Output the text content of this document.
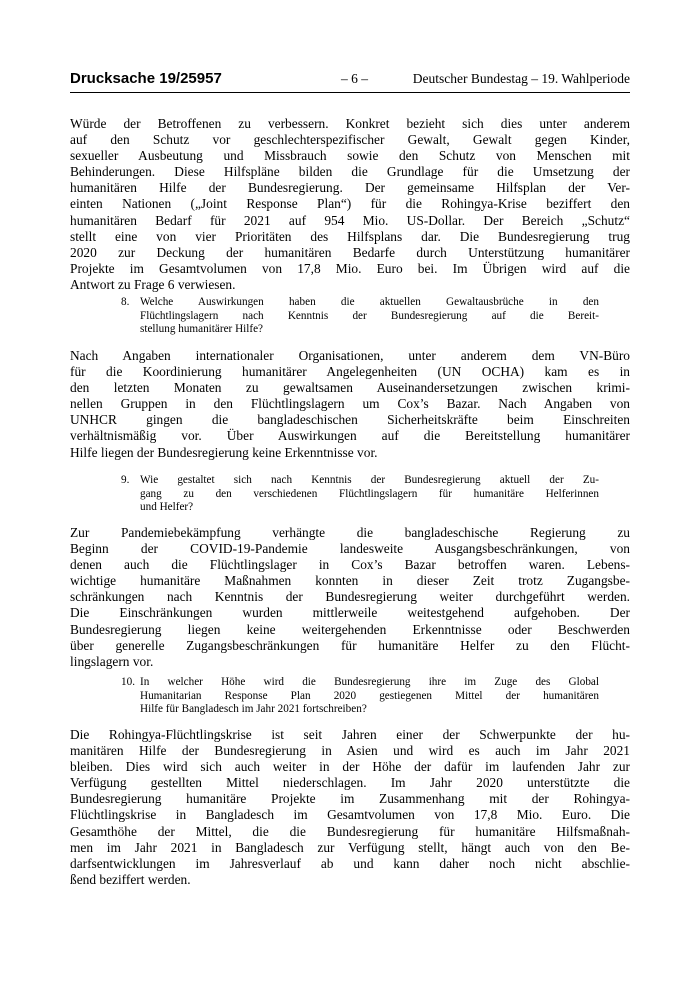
Drucksache 19/25957	– 6 –	Deutscher Bundestag – 19. Wahlperiode
Würde der Betroffenen zu verbessern. Konkret bezieht sich dies unter anderem
auf den Schutz vor geschlechterspezifischer Gewalt, Gewalt gegen Kinder,
sexueller Ausbeutung und Missbrauch sowie den Schutz von Menschen mit
Behinderungen. Diese Hilfspläne bilden die Grundlage für die Umsetzung der
humanitären Hilfe der Bundesregierung. Der gemeinsame Hilfsplan der Ver-
einten Nationen („Joint Response Plan“) für die Rohingya-Krise beziffert den
humanitären Bedarf für 2021 auf 954 Mio. US-Dollar. Der Bereich „Schutz“
stellt eine von vier Prioritäten des Hilfsplans dar. Die Bundesregierung trug
2020 zur Deckung der humanitären Bedarfe durch Unterstützung humanitärer
Projekte im Gesamtvolumen von 17,8 Mio. Euro bei. Im Übrigen wird auf die
Antwort zu Frage 6 verwiesen.
8. Welche Auswirkungen haben die aktuellen Gewaltausbrüche in den
Flüchtlingslagern nach Kenntnis der Bundesregierung auf die Bereit-
stellung humanitärer Hilfe?
Nach Angaben internationaler Organisationen, unter anderem dem VN-Büro
für die Koordinierung humanitärer Angelegenheiten (UN OCHA) kam es in
den letzten Monaten zu gewaltsamen Auseinandersetzungen zwischen krimi-
nellen Gruppen in den Flüchtlingslagern um Cox’s Bazar. Nach Angaben von
UNHCR gingen die bangladeschischen Sicherheitskräfte beim Einschreiten
verhältnismäßig vor. Über Auswirkungen auf die Bereitstellung humanitärer
Hilfe liegen der Bundesregierung keine Erkenntnisse vor.
9. Wie gestaltet sich nach Kenntnis der Bundesregierung aktuell der Zu-
gang zu den verschiedenen Flüchtlingslagern für humanitäre Helferinnen
und Helfer?
Zur Pandemiebekämpfung verhängte die bangladeschische Regierung zu
Beginn der COVID-19-Pandemie landesweite Ausgangsbeschränkungen, von
denen auch die Flüchtlingslager in Cox’s Bazar betroffen waren. Lebens-
wichtige humanitäre Maßnahmen konnten in dieser Zeit trotz Zugangsbe-
schränkungen nach Kenntnis der Bundesregierung weiter durchgeführt werden.
Die Einschränkungen wurden mittlerweile weitestgehend aufgehoben. Der
Bundesregierung liegen keine weitergehenden Erkenntnisse oder Beschwerden
über generelle Zugangsbeschränkungen für humanitäre Helfer zu den Flücht-
lingslagern vor.
10. In welcher Höhe wird die Bundesregierung ihre im Zuge des Global
Humanitarian Response Plan 2020 gestiegenen Mittel der humanitären
Hilfe für Bangladesch im Jahr 2021 fortschreiben?
Die Rohingya-Flüchtlingskrise ist seit Jahren einer der Schwerpunkte der hu-
manitären Hilfe der Bundesregierung in Asien und wird es auch im Jahr 2021
bleiben. Dies wird sich auch weiter in der Höhe der dafür im laufenden Jahr zur
Verfügung gestellten Mittel niederschlagen. Im Jahr 2020 unterstützte die
Bundesregierung humanitäre Projekte im Zusammenhang mit der Rohingya-
Flüchtlingskrise in Bangladesch im Gesamtvolumen von 17,8 Mio. Euro. Die
Gesamthöhe der Mittel, die die Bundesregierung für humanitäre Hilfsmaßnah-
men im Jahr 2021 in Bangladesch zur Verfügung stellt, hängt auch von den Be-
darfsentwicklungen im Jahresverlauf ab und kann daher noch nicht abschlie-
ßend beziffert werden.
